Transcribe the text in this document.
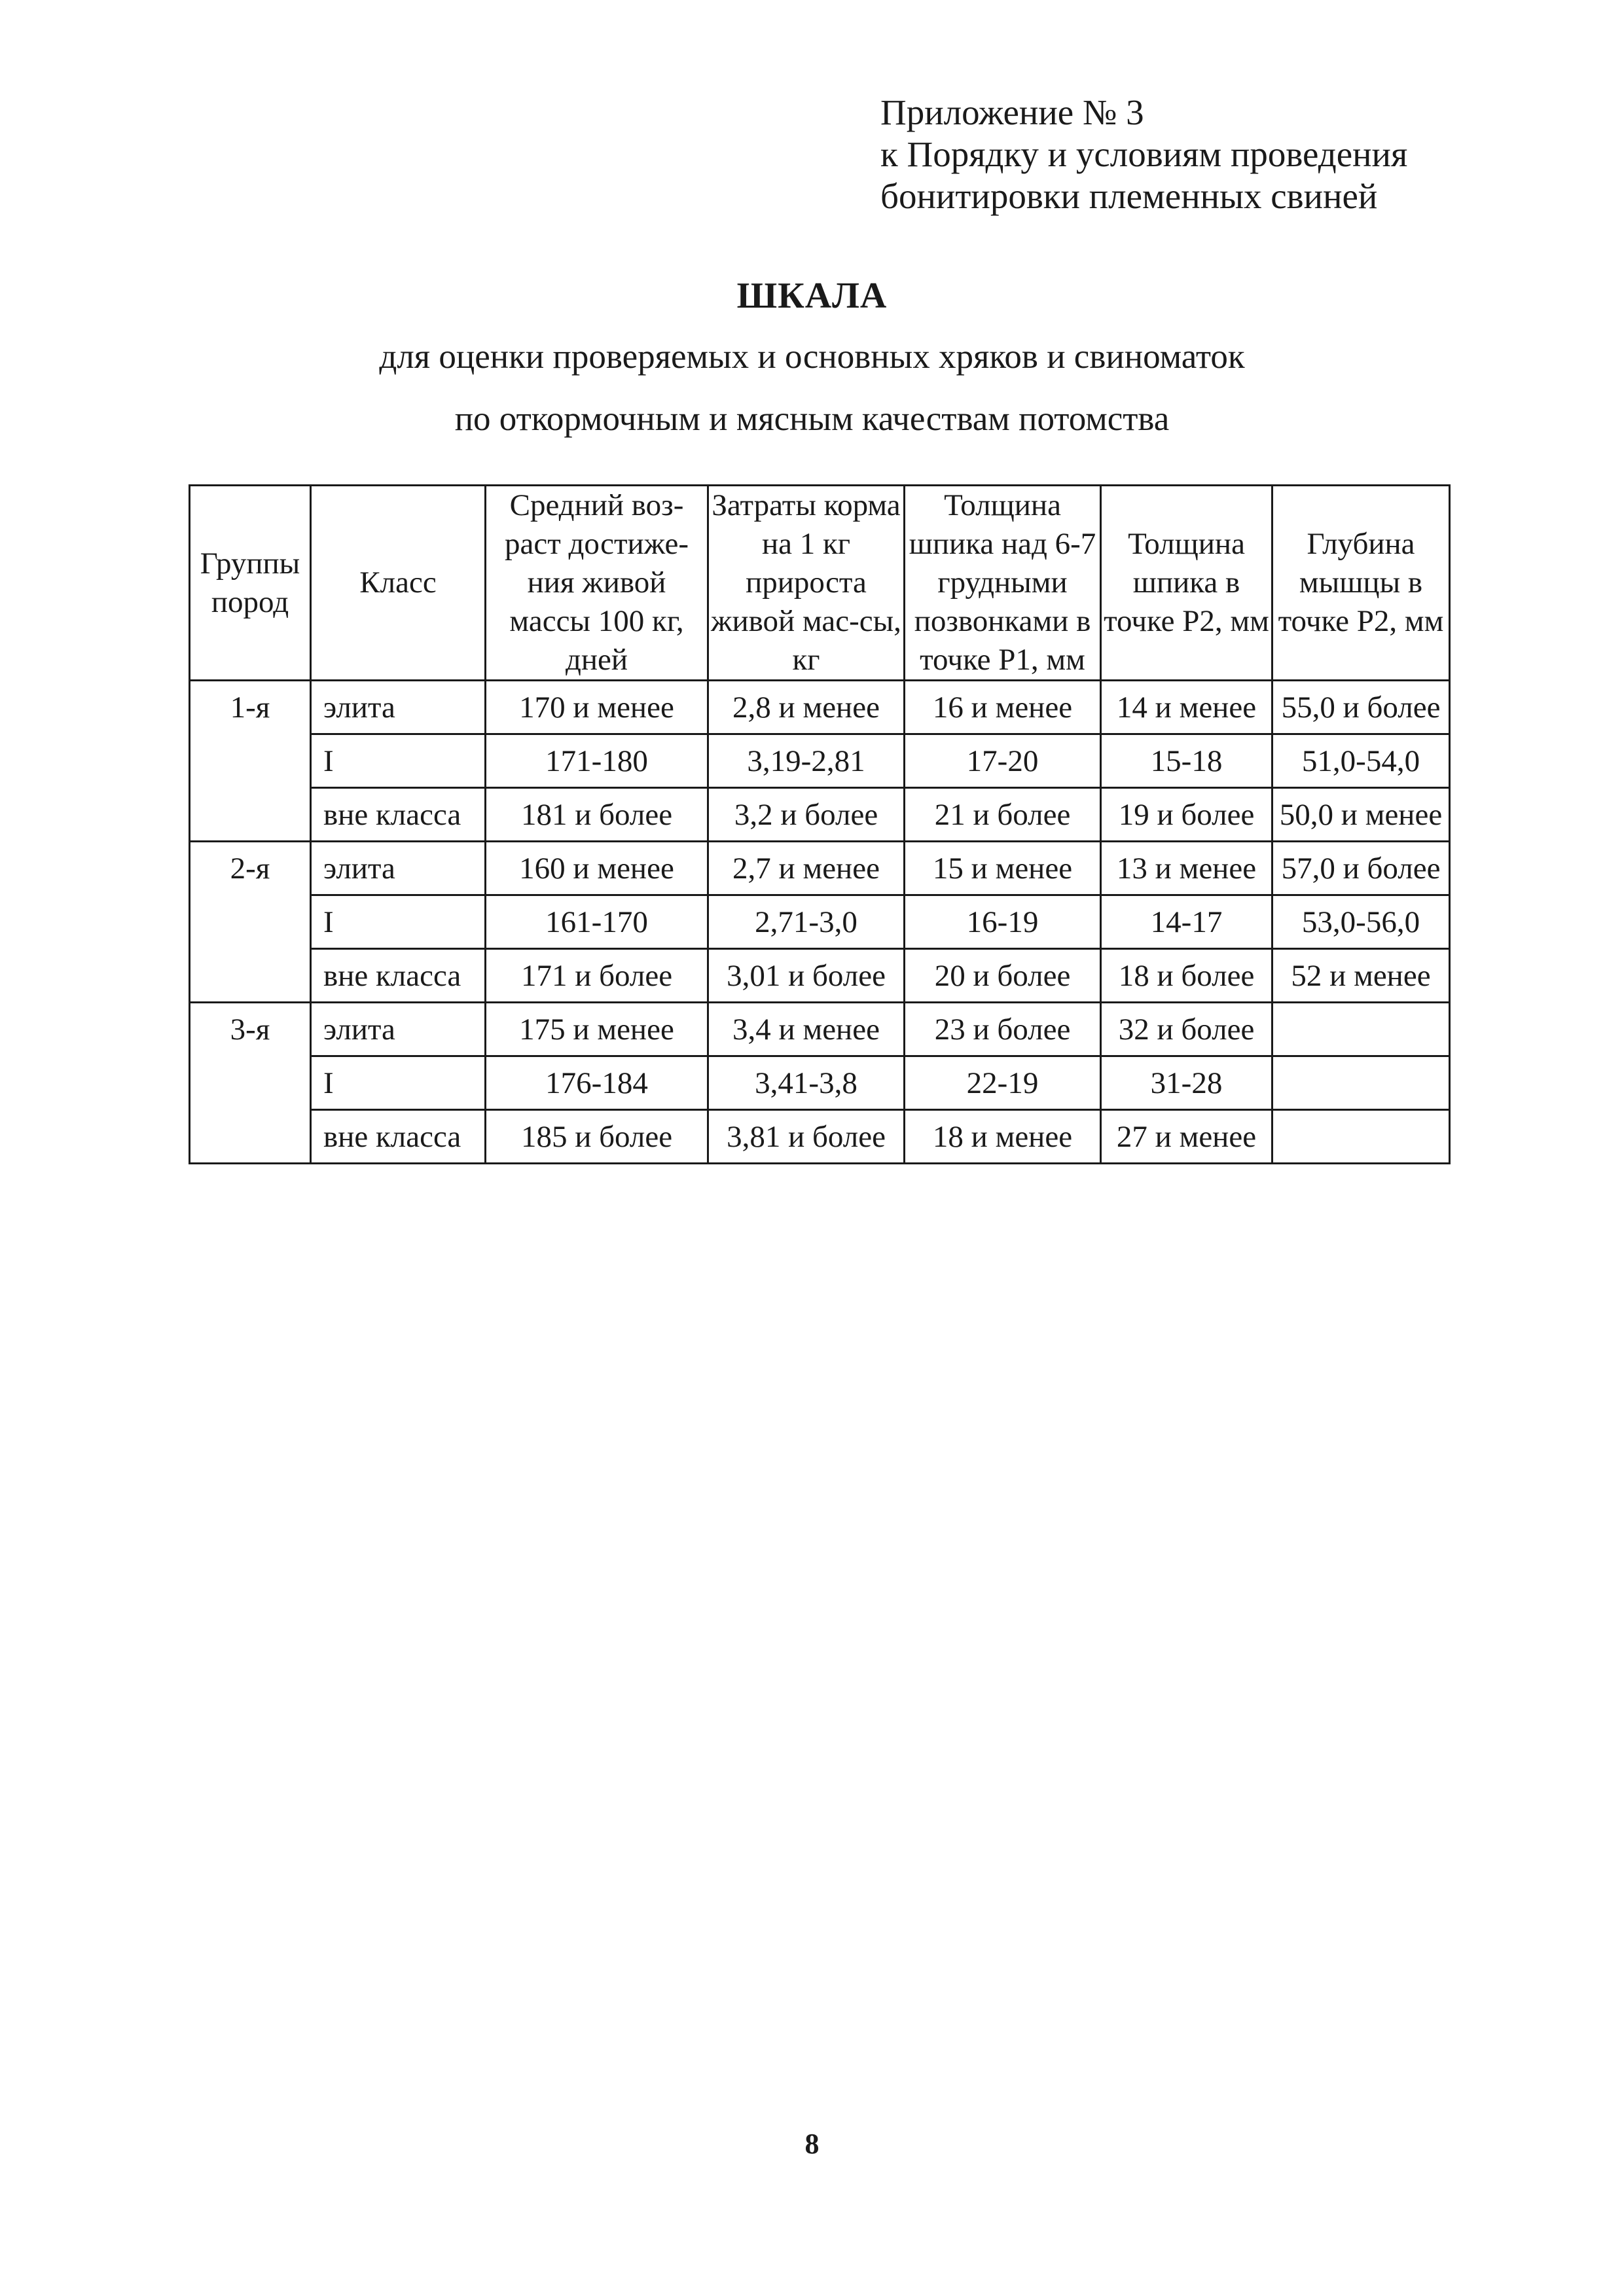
Приложение № 3
к Порядку и условиям проведения
бонитировки племенных свиней
ШКАЛА
для оценки проверяемых и основных хряков и свиноматок
по откормочным и мясным качествам потомства
Группы пород	Класс	Средний воз-раст достиже-ния живой массы 100 кг, дней	Затраты корма на 1 кг прироста живой мас-сы, кг	Толщина шпика над 6-7 грудными позвонками в точке Р1, мм	Толщина шпика в точке Р2, мм	Глубина мышцы в точке Р2, мм
1-я	элита	170 и менее	2,8 и менее	16 и менее	14 и менее	55,0 и более
	I	171-180	3,19-2,81	17-20	15-18	51,0-54,0
	вне класса	181 и более	3,2 и более	21 и более	19 и более	50,0 и менее
2-я	элита	160 и менее	2,7 и менее	15 и менее	13 и менее	57,0 и более
	I	161-170	2,71-3,0	16-19	14-17	53,0-56,0
	вне класса	171 и более	3,01 и более	20 и более	18 и более	52 и менее
3-я	элита	175 и менее	3,4 и менее	23 и более	32 и более	
	I	176-184	3,41-3,8	22-19	31-28	
	вне класса	185 и более	3,81 и более	18 и менее	27 и менее	
8
